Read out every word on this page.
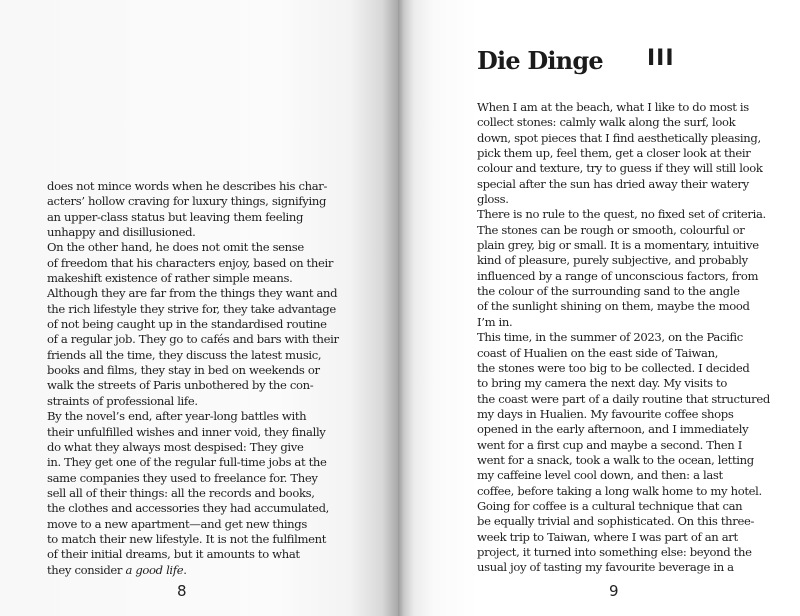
does not mince words when he describes his char-
acters’ hollow craving for luxury things, signifying
an upper-class status but leaving them feeling
unhappy and disillusioned.
On the other hand, he does not omit the sense
of freedom that his characters enjoy, based on their
makeshift existence of rather simple means.
Although they are far from the things they want and
the rich lifestyle they strive for, they take advantage
of not being caught up in the standardised routine
of a regular job. They go to cafés and bars with their
friends all the time, they discuss the latest music,
books and films, they stay in bed on weekends or
walk the streets of Paris unbothered by the con-
straints of professional life.
By the novel’s end, after year-long battles with
their unfulfilled wishes and inner void, they finally
do what they always most despised: They give
in. They get one of the regular full-time jobs at the
same companies they used to freelance for. They
sell all of their things: all the records and books,
the clothes and accessories they had accumulated,
move to a new apartment—and get new things
to match their new lifestyle. It is not the fulfilment
of their initial dreams, but it amounts to what
they consider a good life.
8
Die Dinge III
When I am at the beach, what I like to do most is
collect stones: calmly walk along the surf, look
down, spot pieces that I find aesthetically pleasing,
pick them up, feel them, get a closer look at their
colour and texture, try to guess if they will still look
special after the sun has dried away their watery
gloss.
There is no rule to the quest, no fixed set of criteria.
The stones can be rough or smooth, colourful or
plain grey, big or small. It is a momentary, intuitive
kind of pleasure, purely subjective, and probably
influenced by a range of unconscious factors, from
the colour of the surrounding sand to the angle
of the sunlight shining on them, maybe the mood
I’m in.
This time, in the summer of 2023, on the Pacific
coast of Hualien on the east side of Taiwan,
the stones were too big to be collected. I decided
to bring my camera the next day. My visits to
the coast were part of a daily routine that structured
my days in Hualien. My favourite coffee shops
opened in the early afternoon, and I immediately
went for a first cup and maybe a second. Then I
went for a snack, took a walk to the ocean, letting
my caffeine level cool down, and then: a last
coffee, before taking a long walk home to my hotel.
Going for coffee is a cultural technique that can
be equally trivial and sophisticated. On this three-
week trip to Taiwan, where I was part of an art
project, it turned into something else: beyond the
usual joy of tasting my favourite beverage in a
9
